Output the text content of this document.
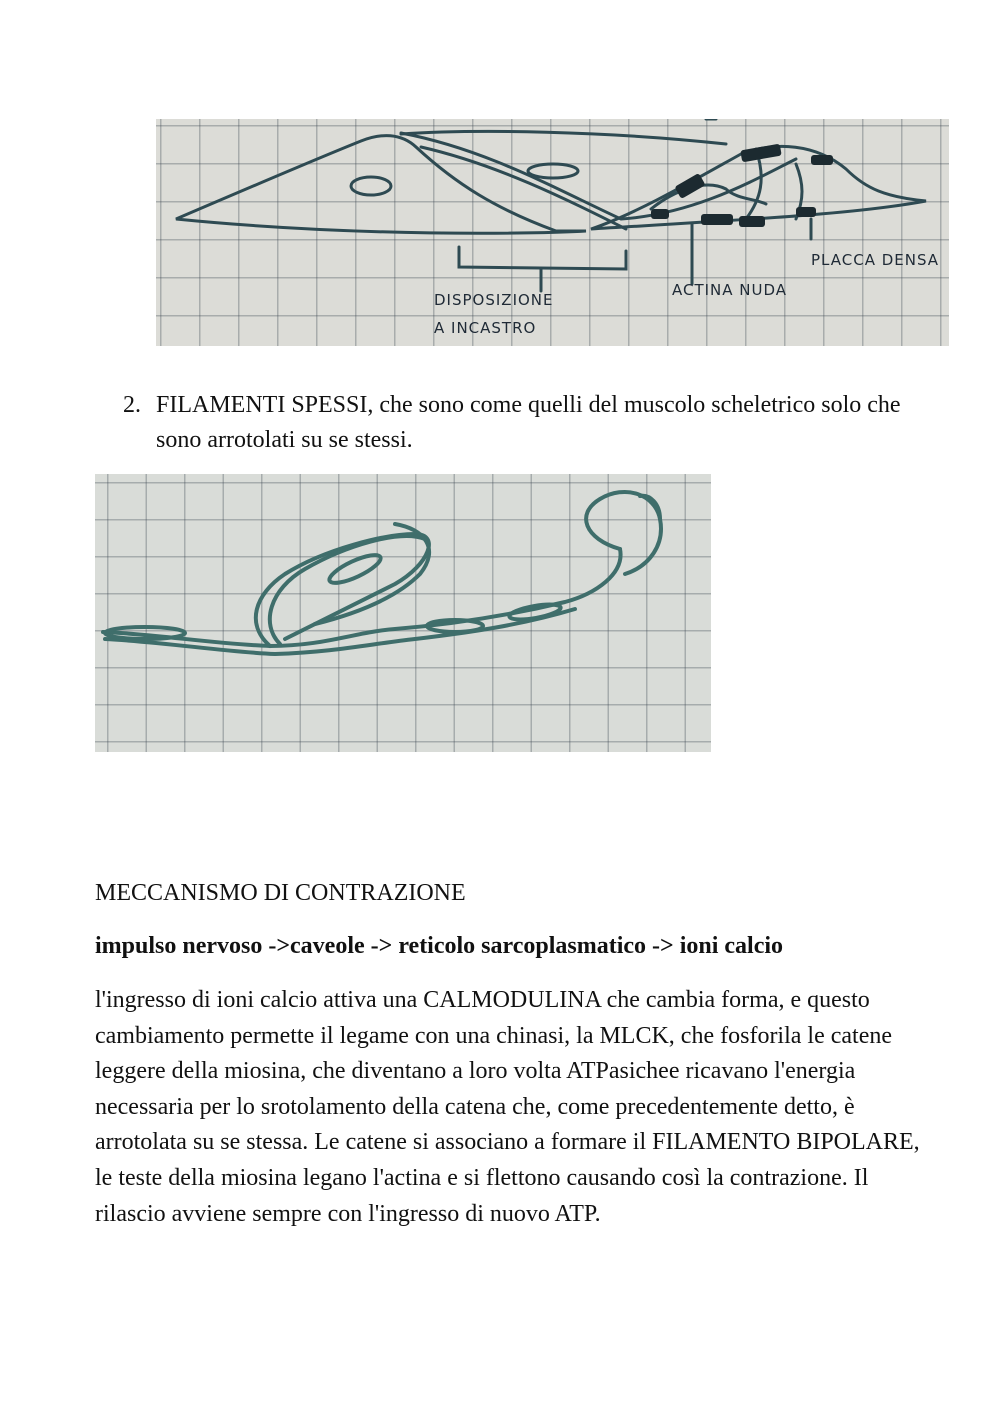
DISPOSIZIONE
A INCASTRO
ACTINA NUDA
PLACCA DENSA
2. FILAMENTI SPESSI, che sono come quelli del muscolo scheletrico solo che sono arrotolati su se stessi.
MECCANISMO DI CONTRAZIONE
impulso nervoso ->caveole -> reticolo sarcoplasmatico -> ioni calcio
l'ingresso di ioni calcio attiva una CALMODULINA che cambia forma, e questo cambiamento permette il legame con una chinasi, la MLCK, che fosforila le catene leggere della miosina, che diventano a loro volta ATPasichee ricavano l'energia necessaria per lo srotolamento della catena che, come precedentemente detto, è arrotolata su se stessa. Le catene si associano a formare il FILAMENTO BIPOLARE, le teste della miosina legano l'actina e si flettono causando così la contrazione. Il rilascio avviene sempre con l'ingresso di nuovo ATP.
